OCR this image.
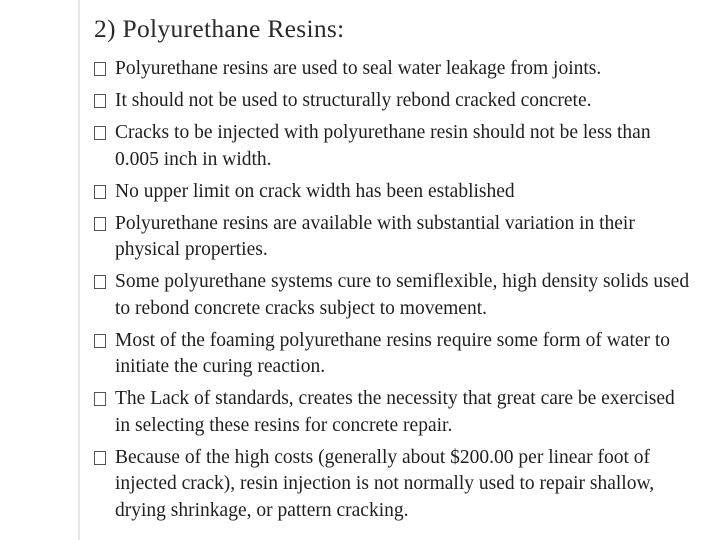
2) Polyurethane Resins:
Polyurethane resins are used to seal water leakage from joints.
It should not be used to structurally rebond cracked concrete.
Cracks to be injected with polyurethane resin should not be less than 0.005 inch in width.
No upper limit on crack width has been established
Polyurethane resins are available with substantial variation in their physical properties.
Some polyurethane systems cure to semiflexible, high density solids used to rebond concrete cracks subject to movement.
Most of the foaming polyurethane resins require some form of water to initiate the curing reaction.
The Lack of standards, creates the necessity that great care be exercised in selecting these resins for concrete repair.
Because of the high costs (generally about $200.00 per linear foot of injected crack), resin injection is not normally used to repair shallow, drying shrinkage, or pattern cracking.
